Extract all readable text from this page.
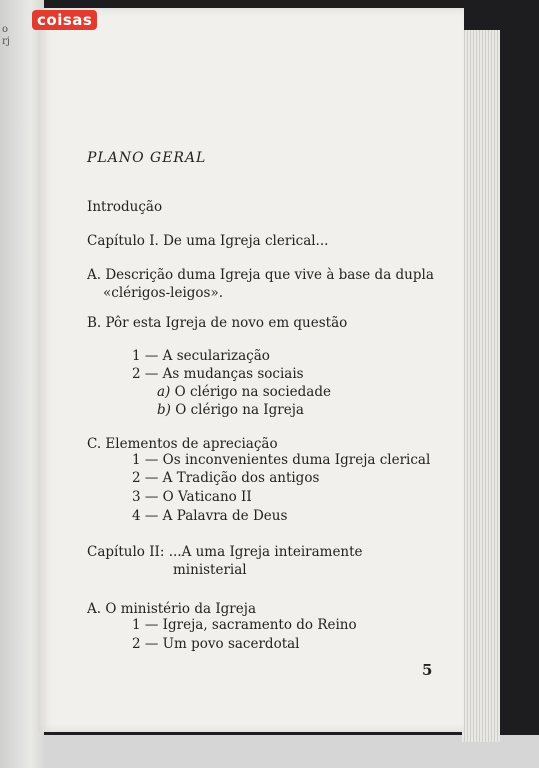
o
rj
coisas
PLANO GERAL
Introdução
Capítulo I. De uma Igreja clerical...
A. Descrição duma Igreja que vive à base da dupla
«clérigos-leigos».
B. Pôr esta Igreja de novo em questão
1 — A secularização
2 — As mudanças sociais
a) O clérigo na sociedade
b) O clérigo na Igreja
C. Elementos de apreciação
1 — Os inconvenientes duma Igreja clerical
2 — A Tradição dos antigos
3 — O Vaticano II
4 — A Palavra de Deus
Capítulo II: ...A uma Igreja inteiramente
ministerial
A. O ministério da Igreja
1 — Igreja, sacramento do Reino
2 — Um povo sacerdotal
5
